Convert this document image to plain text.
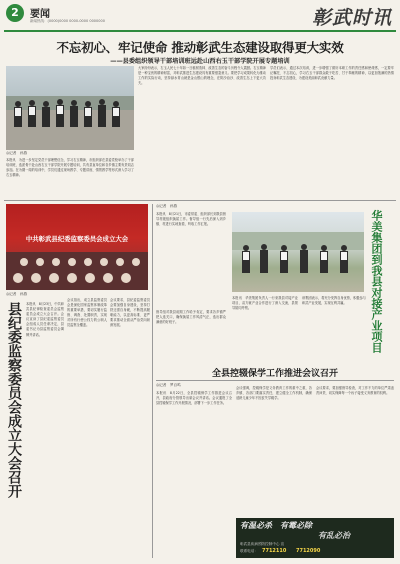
2	要闻
新闻热线：(0000)0000 0000-0000 0000000	彰武时讯
不忘初心、牢记使命 推动彰武生态建设取得更大实效
——县委组织领导干部培训班远赴山西右玉干部学院开展专题培训
◎记者　孙燕
本报讯　为进一步坚定党员干部理想信念，学习右玉精神，市组织部在县委党校举办了干部培训班，选派骨干赴山西右玉干部学院开展专题培训，共有县直单位和各乡镇主要负责同志参加。在为期一周的培训中，学员们通过现场教学、专题讲座、情景教学等形式深入学习了右玉精神。
大家纷纷表示，右玉人民七十年如一日植树造林、改善生态的奋斗历程令人震撼。右玉精神是一种宝贵的精神财富，对彰武推进生态建设具有重要借鉴意义。要把学习成果转化为推动工作的实际行动，坚持绿水青山就是金山银山的理念，在防沙治沙、改善生态上下更大功夫。
学员们表示，通过本次培训，进一步增强了做好本职工作的责任感和使命感，一定要牢记嘱托、不忘初心，学习右玉干部群众敢于吃苦、甘于奉献的精神，以更加饱满的热情投身彰武生态建设，为建设美丽彰武贡献力量。
中共彰武县纪委监察委员会成立大会
◎记者　孙燕
县纪委监察委员会成立大会召开 本报讯　8月23日，中共彰武县纪律检查委员会监察委员会成立大会召开。会议宣读了县纪委监察委员会组成人员任命决定，县委书记为县监察委员会揭牌并讲话。
会议指出，成立县监察委员会是深化国家监察体制改革的重要举措，要切实履行监督、调查、处置职责，实现对所有行使公权力的公职人员监察全覆盖。
会议要求，县纪委监察委员会要加强自身建设，坚持打铁还需自身硬，不断提高履职能力，以更高标准、更严要求推动全面从严治党向纵深发展。
◎记者　孙燕
本报讯　8月21日，市委常委、组织部长到我县督导村级组织换届工作。督导组一行先后深入到乡镇、村进行实地查看，听取工作汇报。	华美集团到我县对接产业项目
督导组对我县前期工作给予肯定，要求各乡镇严把人选关口，确保换届工作风清气正，选出群众满意的好班子。
本报讯　华美集团负责人一行来我县对接产业项目，双方就产业合作进行了深入交流，县领导陪同考察。
该集团表示，将充分发挥自身优势，积极参与彰武产业发展，实现互利共赢。
全县控辍保学工作推进会议召开
◎记者　罗百鸣
本报讯　8月22日，全县控辍保学工作推进会议召开，县政府分管领导出席会议并讲话。会议通报了全县控辍保学工作开展情况，部署下一步工作任务。
会议强调，控辍保学是义务教育工作的重中之重，各乡镇、各部门要落实责任，建立健全工作机制，确保适龄儿童少年不因贫失学辍学。
会议要求，要加强督导检查，对工作不力的单位严肃追责问责，切实保障每一个孩子接受义务教育的权利。
有温必杀 有霉必除
有乱必治
彰武县疾病预防控制中心 宣
联系电话： 7712110 7712090
